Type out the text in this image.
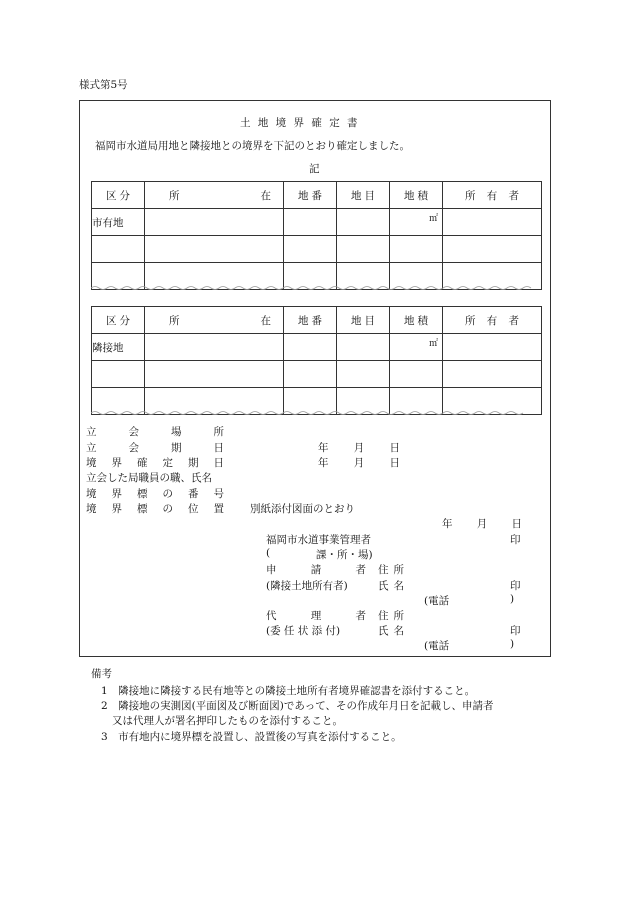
様式第5号
土 地 境 界 確 定 書
福岡市水道局用地と隣接地との境界を下記のとおり確定しました。
記
区 分	所 在	地 番	地 目	地 積	所 有 者

市有地				㎡	

区 分	所 在	地 番	地 目	地 積	所 有 者

隣接地				㎡	

立	会	場	所
立	会	期	日	年 月 日
境 界 確 定 期 日	年 月 日
立会した局職員の職、氏名
境 界 標 の 番 号
境 界 標 の 位 置 別紙添付図面のとおり
年 月 日
福岡市水道事業管理者	印
(	課・所・場)
申	請	者 住 所
(隣接土地所有者)	氏 名	印
(電話	)
代	理	者 住 所
(委 任 状 添 付)	氏 名	印
(電話	)
備考
1　隣接地に隣接する民有地等との隣接土地所有者境界確認書を添付すること。
2　隣接地の実測図(平面図及び断面図)であって、その作成年月日を記載し、申請者
又は代理人が署名押印したものを添付すること。
3　市有地内に境界標を設置し、設置後の写真を添付すること。
